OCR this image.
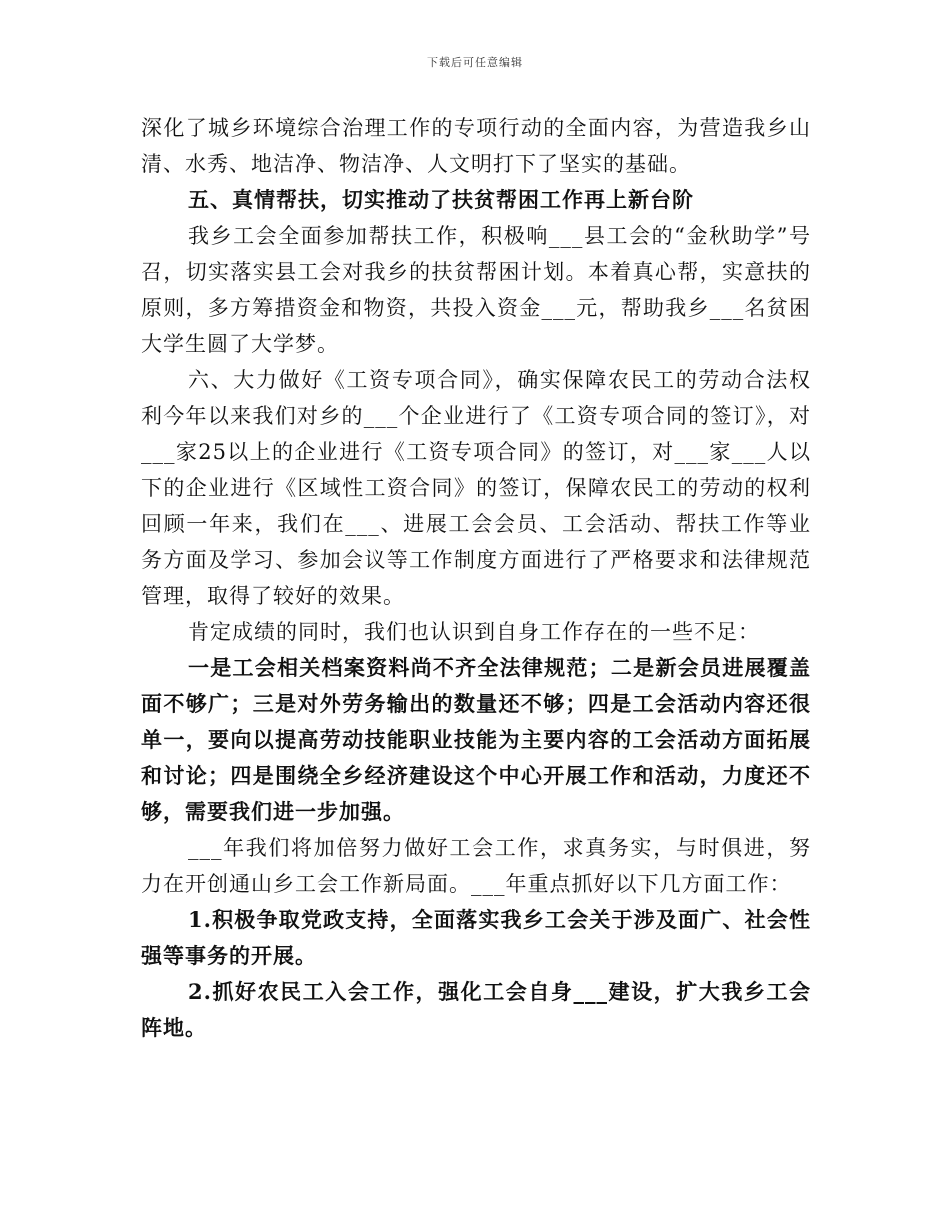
下载后可任意编辑

深化了城乡环境综合治理工作的专项行动的全面内容，为营造我乡山清、水秀、地洁净、物洁净、人文明打下了坚实的基础。

五、真情帮扶，切实推动了扶贫帮困工作再上新台阶

我乡工会全面参加帮扶工作，积极响___县工会的“金秋助学”号召，切实落实县工会对我乡的扶贫帮困计划。本着真心帮，实意扶的原则，多方筹措资金和物资，共投入资金___元，帮助我乡___名贫困大学生圆了大学梦。

六、大力做好《工资专项合同》，确实保障农民工的劳动合法权利今年以来我们对乡的___个企业进行了《工资专项合同的签订》，对___家25以上的企业进行《工资专项合同》的签订，对___家___人以下的企业进行《区域性工资合同》的签订，保障农民工的劳动的权利回顾一年来，我们在___、进展工会会员、工会活动、帮扶工作等业务方面及学习、参加会议等工作制度方面进行了严格要求和法律规范管理，取得了较好的效果。

肯定成绩的同时，我们也认识到自身工作存在的一些不足：

一是工会相关档案资料尚不齐全法律规范；二是新会员进展覆盖面不够广；三是对外劳务输出的数量还不够；四是工会活动内容还很单一，要向以提高劳动技能职业技能为主要内容的工会活动方面拓展和讨论；四是围绕全乡经济建设这个中心开展工作和活动，力度还不够，需要我们进一步加强。

___年我们将加倍努力做好工会工作，求真务实，与时俱进，努力在开创通山乡工会工作新局面。___年重点抓好以下几方面工作：

1.积极争取党政支持，全面落实我乡工会关于涉及面广、社会性强等事务的开展。

2.抓好农民工入会工作，强化工会自身___建设，扩大我乡工会阵地。
